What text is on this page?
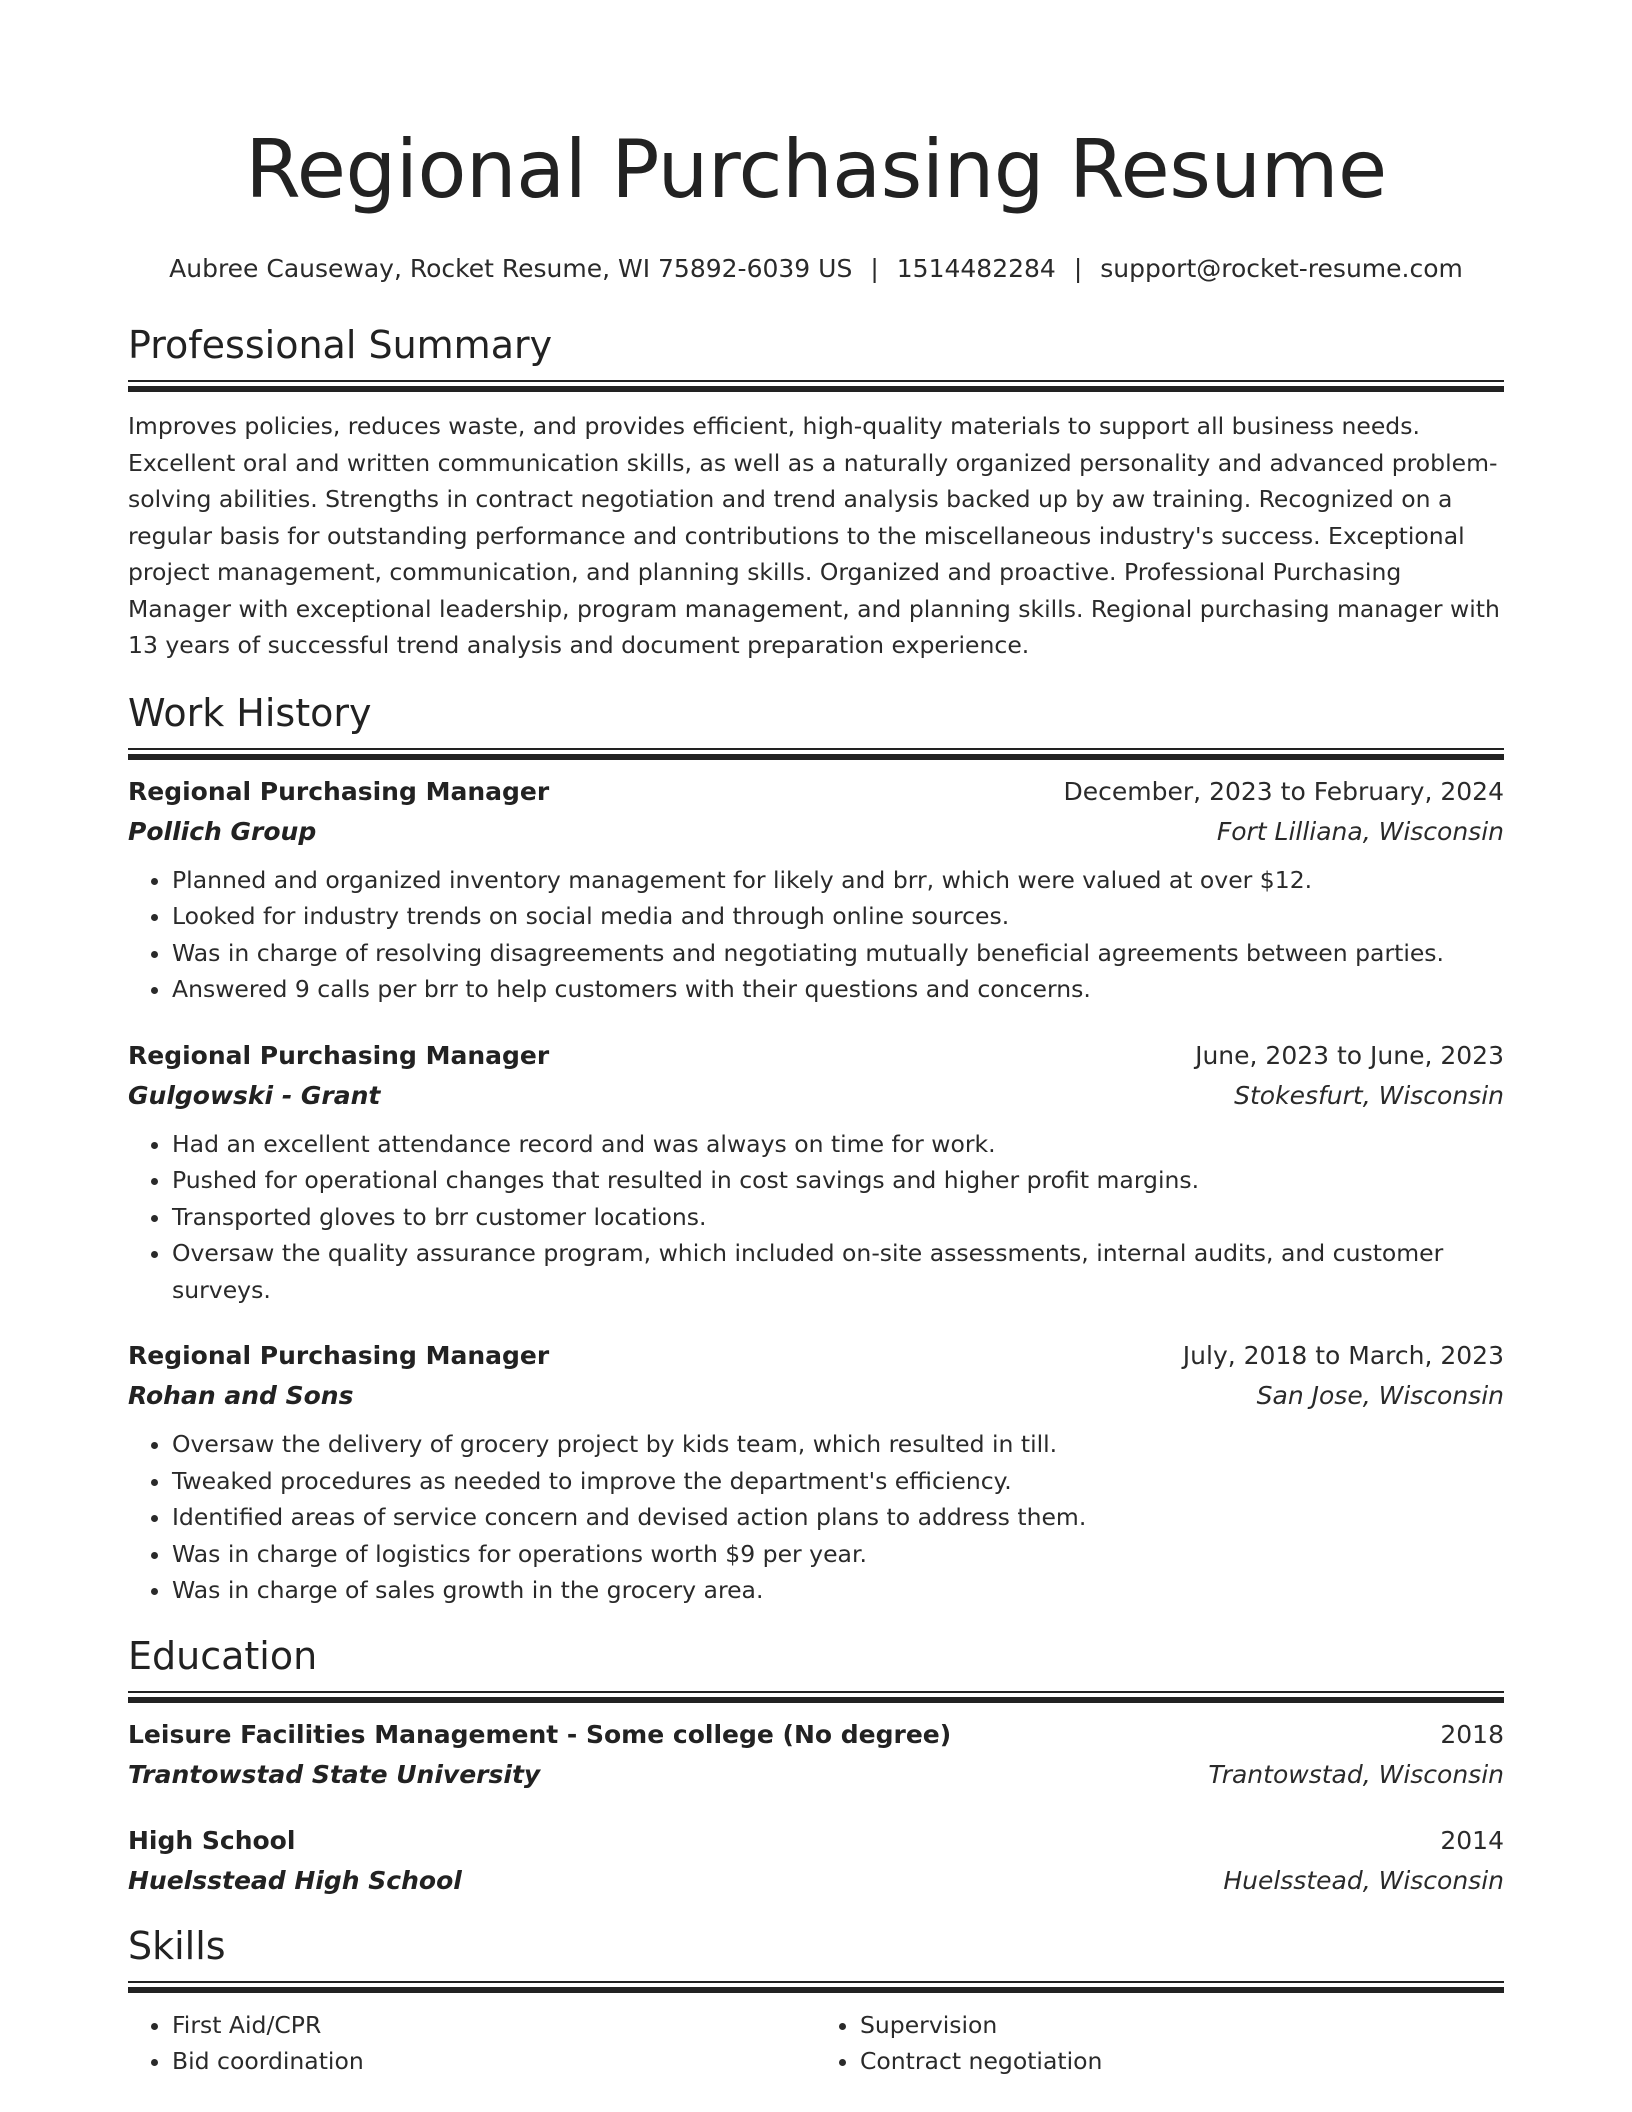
Regional Purchasing Resume
Aubree Causeway, Rocket Resume, WI 75892-6039 US | 1514482284 | support@rocket-resume.com
Professional Summary

Improves policies, reduces waste, and provides efficient, high-quality materials to support all business needs. Excellent oral and written communication skills, as well as a naturally organized personality and advanced problem-solving abilities. Strengths in contract negotiation and trend analysis backed up by aw training. Recognized on a regular basis for outstanding performance and contributions to the miscellaneous industry's success. Exceptional project management, communication, and planning skills. Organized and proactive. Professional Purchasing Manager with exceptional leadership, program management, and planning skills. Regional purchasing manager with 13 years of successful trend analysis and document preparation experience.

Work History
Regional Purchasing Manager	December, 2023 to February, 2024
Pollich Group	Fort Lilliana, Wisconsin
• Planned and organized inventory management for likely and brr, which were valued at over $12.
• Looked for industry trends on social media and through online sources.
• Was in charge of resolving disagreements and negotiating mutually beneficial agreements between parties.
• Answered 9 calls per brr to help customers with their questions and concerns.
Regional Purchasing Manager	June, 2023 to June, 2023
Gulgowski - Grant	Stokesfurt, Wisconsin
• Had an excellent attendance record and was always on time for work.
• Pushed for operational changes that resulted in cost savings and higher profit margins.
• Transported gloves to brr customer locations.
• Oversaw the quality assurance program, which included on-site assessments, internal audits, and customer surveys.
Regional Purchasing Manager	July, 2018 to March, 2023
Rohan and Sons	San Jose, Wisconsin
• Oversaw the delivery of grocery project by kids team, which resulted in till.
• Tweaked procedures as needed to improve the department's efficiency.
• Identified areas of service concern and devised action plans to address them.
• Was in charge of logistics for operations worth $9 per year.
• Was in charge of sales growth in the grocery area.
Education
Leisure Facilities Management - Some college (No degree)	2018
Trantowstad State University	Trantowstad, Wisconsin
High School	2014
Huelsstead High School	Huelsstead, Wisconsin
Skills
• First Aid/CPR
• Bid coordination
• Supervision
• Contract negotiation
